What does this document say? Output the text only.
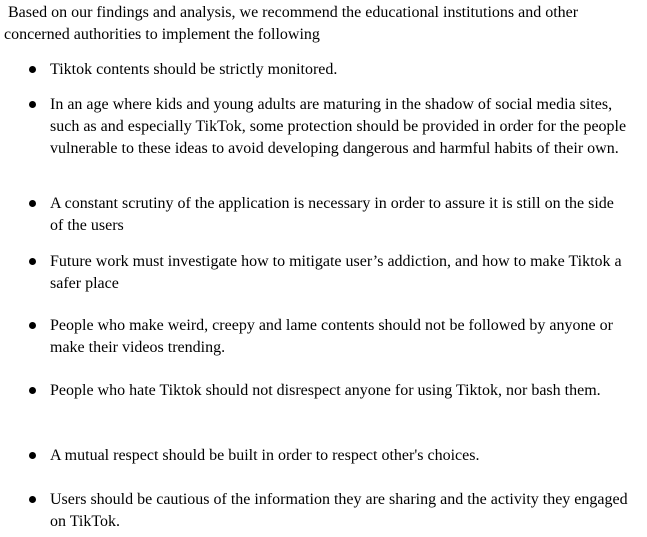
Based on our findings and analysis, we recommend the educational institutions and other
concerned authorities to implement the following

Tiktok contents should be strictly monitored.

In an age where kids and young adults are maturing in the shadow of social media sites, such as and especially TikTok, some protection should be provided in order for the people vulnerable to these ideas to avoid developing dangerous and harmful habits of their own.

A constant scrutiny of the application is necessary in order to assure it is still on the side of the users

Future work must investigate how to mitigate user’s addiction, and how to make Tiktok a safer place

People who make weird, creepy and lame contents should not be followed by anyone or make their videos trending.

People who hate Tiktok should not disrespect anyone for using Tiktok, nor bash them.

A mutual respect should be built in order to respect other's choices.

Users should be cautious of the information they are sharing and the activity they engaged on TikTok.
